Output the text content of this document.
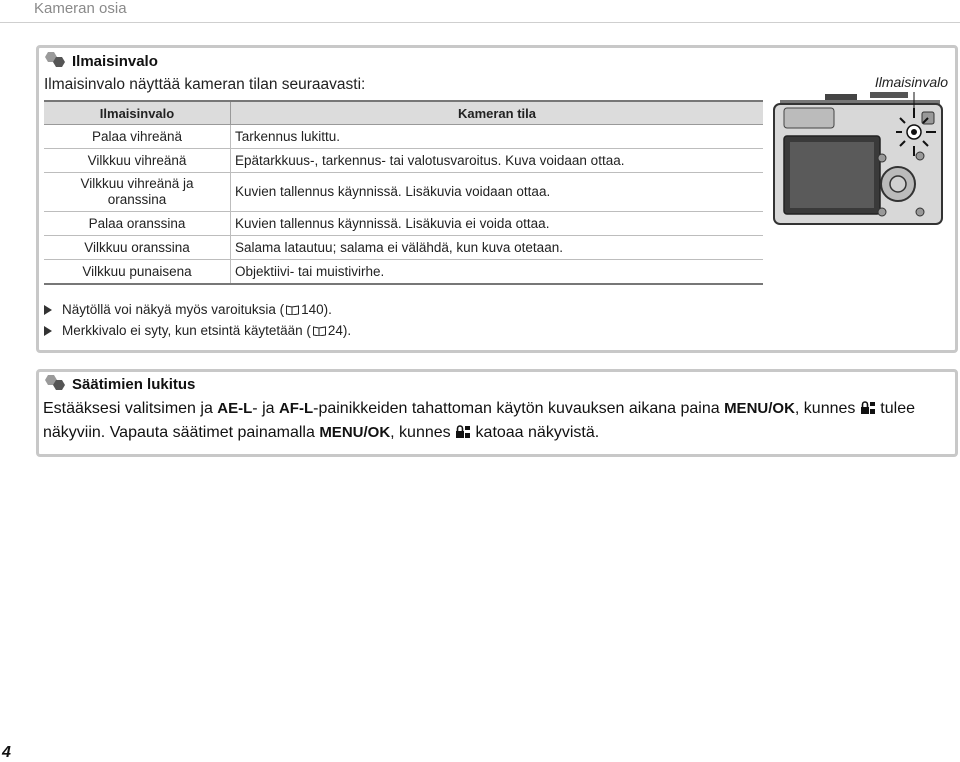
Kameran osia
Ilmaisinvalo
Ilmaisinvalo näyttää kameran tilan seuraavasti:
Ilmaisinvalo	Kameran tila
Palaa vihreänä	Tarkennus lukittu.
Vilkkuu vihreänä	Epätarkkuus-, tarkennus- tai valotusvaroitus. Kuva voidaan ottaa.
Vilkkuu vihreänä ja
oranssina	Kuvien tallennus käynnissä. Lisäkuvia voidaan ottaa.
Palaa oranssina	Kuvien tallennus käynnissä. Lisäkuvia ei voida ottaa.
Vilkkuu oranssina	Salama latautuu; salama ei välähdä, kun kuva otetaan.
Vilkkuu punaisena	Objektiivi- tai muistivirhe.
Näytöllä voi näkyä myös varoituksia ( 140).
Merkkivalo ei syty, kun etsintä käytetään ( 24).
Ilmaisinvalo
Säätimien lukitus
Estääksesi valitsimen ja AE-L- ja AF-L-painikkeiden tahattoman käytön kuvauksen aikana paina MENU/OK, kunnes  tulee näkyviin. Vapauta säätimet painamalla MENU/OK, kunnes  katoaa näkyvistä.
4
